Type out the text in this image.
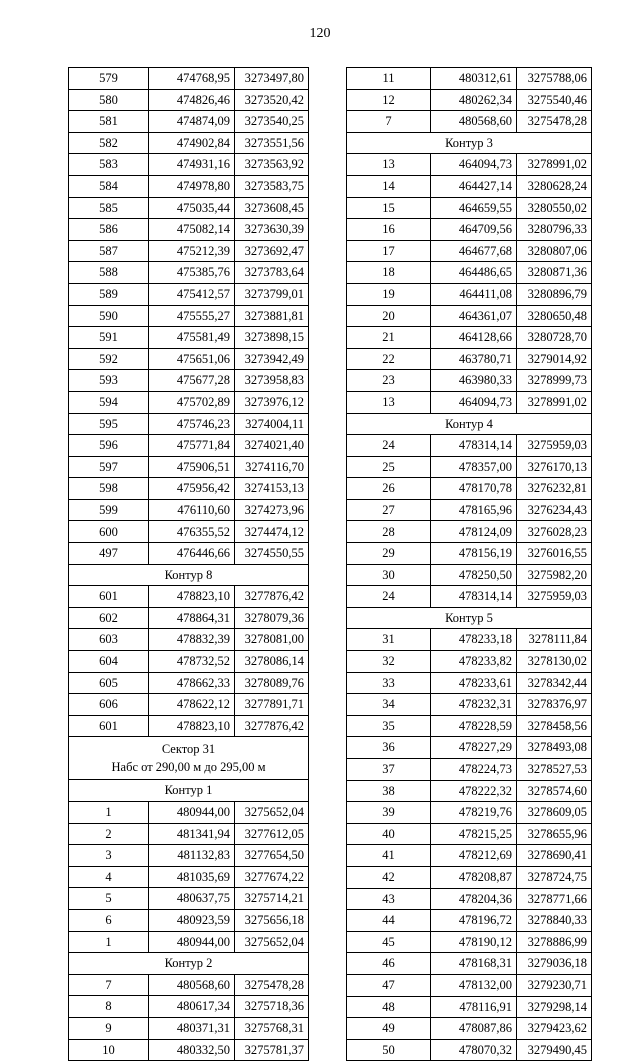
120
579	474768,95	3273497,80
580	474826,46	3273520,42
581	474874,09	3273540,25
582	474902,84	3273551,56
583	474931,16	3273563,92
584	474978,80	3273583,75
585	475035,44	3273608,45
586	475082,14	3273630,39
587	475212,39	3273692,47
588	475385,76	3273783,64
589	475412,57	3273799,01
590	475555,27	3273881,81
591	475581,49	3273898,15
592	475651,06	3273942,49
593	475677,28	3273958,83
594	475702,89	3273976,12
595	475746,23	3274004,11
596	475771,84	3274021,40
597	475906,51	3274116,70
598	475956,42	3274153,13
599	476110,60	3274273,96
600	476355,52	3274474,12
497	476446,66	3274550,55
Контур 8		
601	478823,10	3277876,42
602	478864,31	3278079,36
603	478832,39	3278081,00
604	478732,52	3278086,14
605	478662,33	3278089,76
606	478622,12	3277891,71
601	478823,10	3277876,42

Сектор 31
Набс от 290,00 м до 295,00 м		

Контур 1		
1	480944,00	3275652,04
2	481341,94	3277612,05
3	481132,83	3277654,50
4	481035,69	3277674,22
5	480637,75	3275714,21
6	480923,59	3275656,18
1	480944,00	3275652,04
Контур 2		
7	480568,60	3275478,28
8	480617,34	3275718,36
9	480371,31	3275768,31
10	480332,50	3275781,37
11	480312,61	3275788,06
12	480262,34	3275540,46
7	480568,60	3275478,28
Контур 3		
13	464094,73	3278991,02
14	464427,14	3280628,24
15	464659,55	3280550,02
16	464709,56	3280796,33
17	464677,68	3280807,06
18	464486,65	3280871,36
19	464411,08	3280896,79
20	464361,07	3280650,48
21	464128,66	3280728,70
22	463780,71	3279014,92
23	463980,33	3278999,73
13	464094,73	3278991,02
Контур 4		
24	478314,14	3275959,03
25	478357,00	3276170,13
26	478170,78	3276232,81
27	478165,96	3276234,43
28	478124,09	3276028,23
29	478156,19	3276016,55
30	478250,50	3275982,20
24	478314,14	3275959,03
Контур 5		
31	478233,18	3278111,84
32	478233,82	3278130,02
33	478233,61	3278342,44
34	478232,31	3278376,97
35	478228,59	3278458,56
36	478227,29	3278493,08
37	478224,73	3278527,53
38	478222,32	3278574,60
39	478219,76	3278609,05
40	478215,25	3278655,96
41	478212,69	3278690,41
42	478208,87	3278724,75
43	478204,36	3278771,66
44	478196,72	3278840,33
45	478190,12	3278886,99
46	478168,31	3279036,18
47	478132,00	3279230,71
48	478116,91	3279298,14
49	478087,86	3279423,62
50	478070,32	3279490,45
